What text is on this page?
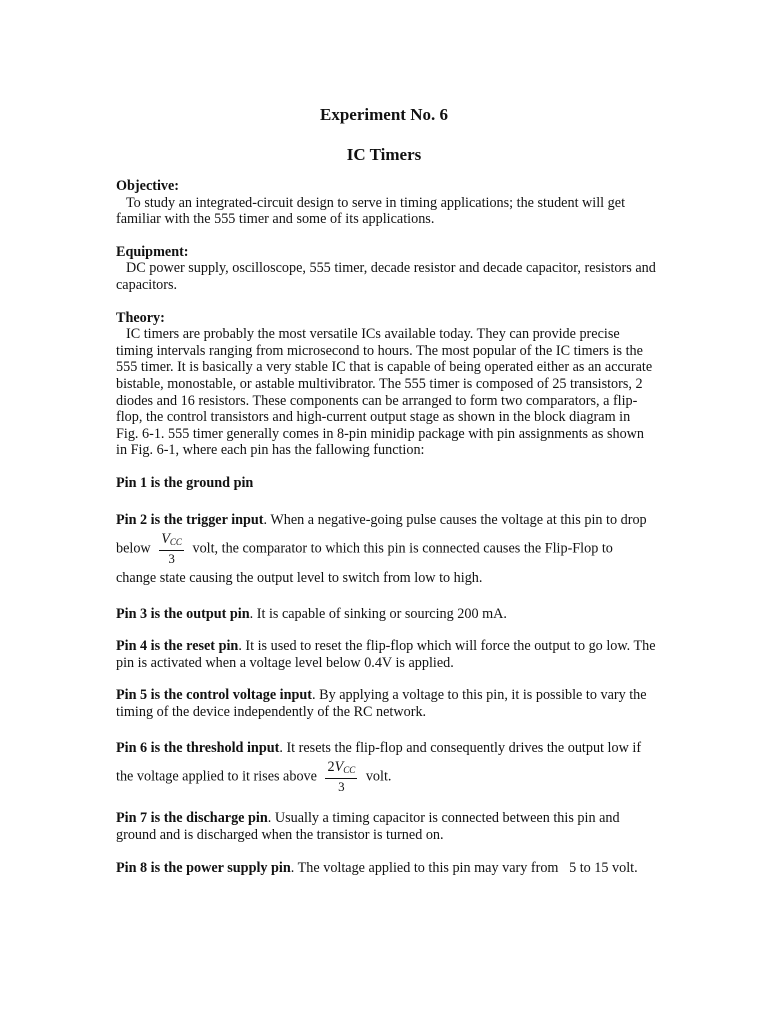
Experiment No. 6
IC Timers

Objective:

To study an integrated-circuit design to serve in timing applications; the student will get familiar with the 555 timer and some of its applications.

Equipment:

DC power supply, oscilloscope, 555 timer, decade resistor and decade capacitor, resistors and capacitors.

Theory:

IC timers are probably the most versatile ICs available today. They can provide precise timing intervals ranging from microsecond to hours. The most popular of the IC timers is the 555 timer. It is basically a very stable IC that is capable of being operated either as an accurate bistable, monostable, or astable multivibrator. The 555 timer is composed of 25 transistors, 2 diodes and 16 resistors. These components can be arranged to form two comparators, a flip-flop, the control transistors and high-current output stage as shown in the block diagram in Fig. 6-1. 555 timer generally comes in 8-pin minidip package with pin assignments as shown in Fig. 6-1, where each pin has the fallowing function:

Pin 1 is the ground pin

Pin 2 is the trigger input. When a negative-going pulse causes the voltage at this pin to drop below $\frac{V_{CC}}{3}$ volt, the comparator to which this pin is connected causes the Flip-Flop to change state causing the output level to switch from low to high.

Pin 3 is the output pin. It is capable of sinking or sourcing 200 mA.

Pin 4 is the reset pin. It is used to reset the flip-flop which will force the output to go low. The pin is activated when a voltage level below 0.4V is applied.

Pin 5 is the control voltage input. By applying a voltage to this pin, it is possible to vary the timing of the device independently of the RC network.

Pin 6 is the threshold input. It resets the flip-flop and consequently drives the output low if the voltage applied to it rises above $\frac{2V_{CC}}{3}$ volt.

Pin 7 is the discharge pin. Usually a timing capacitor is connected between this pin and ground and is discharged when the transistor is turned on.

Pin 8 is the power supply pin. The voltage applied to this pin may vary from   5 to 15 volt.
